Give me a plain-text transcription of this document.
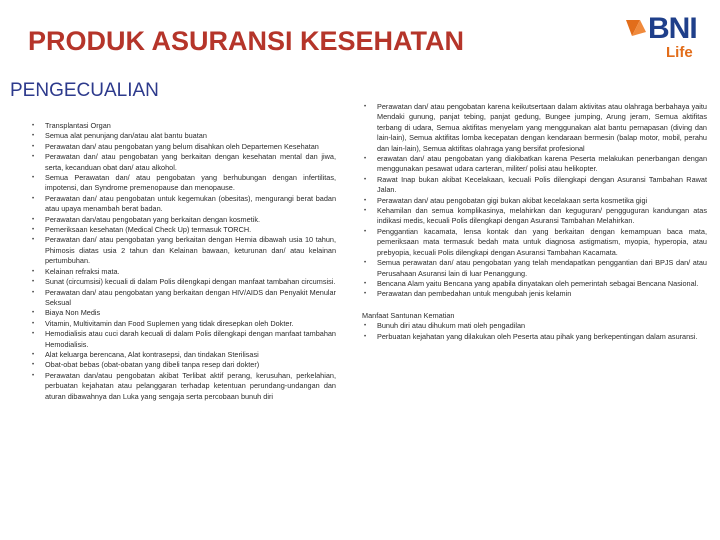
PRODUK ASURANSI KESEHATAN
PENGECUALIAN
BNI
Life
• Transplantasi Organ
• Semua alat penunjang dan/atau alat bantu buatan
• Perawatan dan/ atau pengobatan yang belum disahkan oleh Departemen Kesehatan
• Perawatan dan/ atau pengobatan yang berkaitan dengan kesehatan mental dan jiwa, serta, kecanduan obat dan/ atau alkohol.
• Semua Perawatan dan/ atau pengobatan yang berhubungan dengan infertilitas, impotensi, dan Syndrome premenopause dan menopause.
• Perawatan dan/ atau pengobatan untuk kegemukan (obesitas), mengurangi berat badan atau upaya menambah berat badan.
• Perawatan dan/atau pengobatan yang berkaitan dengan kosmetik.
• Pemeriksaan kesehatan (Medical Check Up) termasuk TORCH.
• Perawatan dan/ atau pengobatan yang berkaitan dengan Hernia dibawah usia 10 tahun, Phimosis diatas usia 2 tahun dan Kelainan bawaan, keturunan dan/ atau kelainan pertumbuhan.
• Kelainan refraksi mata.
• Sunat (circumsisi) kecuali di dalam Polis dilengkapi dengan manfaat tambahan circumsisi.
• Perawatan dan/ atau pengobatan yang berkaitan dengan HIV/AIDS dan Penyakit Menular Seksual
• Biaya Non Medis
• Vitamin, Multivitamin dan Food Suplemen yang tidak diresepkan oleh Dokter.
• Hemodialisis atau cuci darah kecuali di dalam Polis dilengkapi dengan manfaat tambahan Hemodialisis.
• Alat keluarga berencana, Alat kontrasepsi, dan tindakan Sterilisasi
• Obat-obat bebas (obat-obatan yang dibeli tanpa resep dari dokter)
• Perawatan dan/atau pengobatan akibat Terlibat aktif perang, kerusuhan, perkelahian, perbuatan kejahatan atau pelanggaran terhadap ketentuan perundang-undangan dan aturan dibawahnya dan Luka yang sengaja serta percobaan bunuh diri
• Perawatan dan/ atau pengobatan karena keikutsertaan dalam aktivitas atau olahraga berbahaya yaitu Mendaki gunung, panjat tebing, panjat gedung, Bungee jumping, Arung jeram, Semua aktifitas terbang di udara, Semua aktifitas menyelam yang menggunakan alat bantu pernapasan (diving dan lain-lain), Semua aktifitas lomba kecepatan dengan kendaraan bermesin (balap motor, mobil, perahu dan lain-lain), Semua aktifitas olahraga yang bersifat profesional
• erawatan dan/ atau pengobatan yang diakibatkan karena Peserta melakukan penerbangan dengan menggunakan pesawat udara carteran, militer/ polisi atau helikopter.
• Rawat Inap bukan akibat Kecelakaan, kecuali Polis dilengkapi dengan Asuransi Tambahan Rawat Jalan.
• Perawatan dan/ atau pengobatan gigi bukan akibat kecelakaan serta kosmetika gigi
• Kehamilan dan semua komplikasinya, melahirkan dan keguguran/ pengguguran kandungan atas indikasi medis, kecuali Polis dilengkapi dengan Asuransi Tambahan Melahirkan.
• Penggantian kacamata, lensa kontak dan yang berkaitan dengan kemampuan baca mata, pemeriksaan mata termasuk bedah mata untuk diagnosa astigmatism, myopia, hyperopia, atau prebyopia, kecuali Polis dilengkapi dengan Asuransi Tambahan Kacamata.
• Semua perawatan dan/ atau pengobatan yang telah mendapatkan penggantian dari BPJS dan/ atau Perusahaan Asuransi lain di luar Penanggung.
• Bencana Alam yaitu Bencana yang apabila dinyatakan oleh pemerintah sebagai Bencana Nasional.
• Perawatan dan pembedahan untuk mengubah jenis kelamin
Manfaat Santunan Kematian
• Bunuh diri atau dihukum mati oleh pengadilan
• Perbuatan kejahatan yang dilakukan oleh Peserta atau pihak yang berkepentingan dalam asuransi.
